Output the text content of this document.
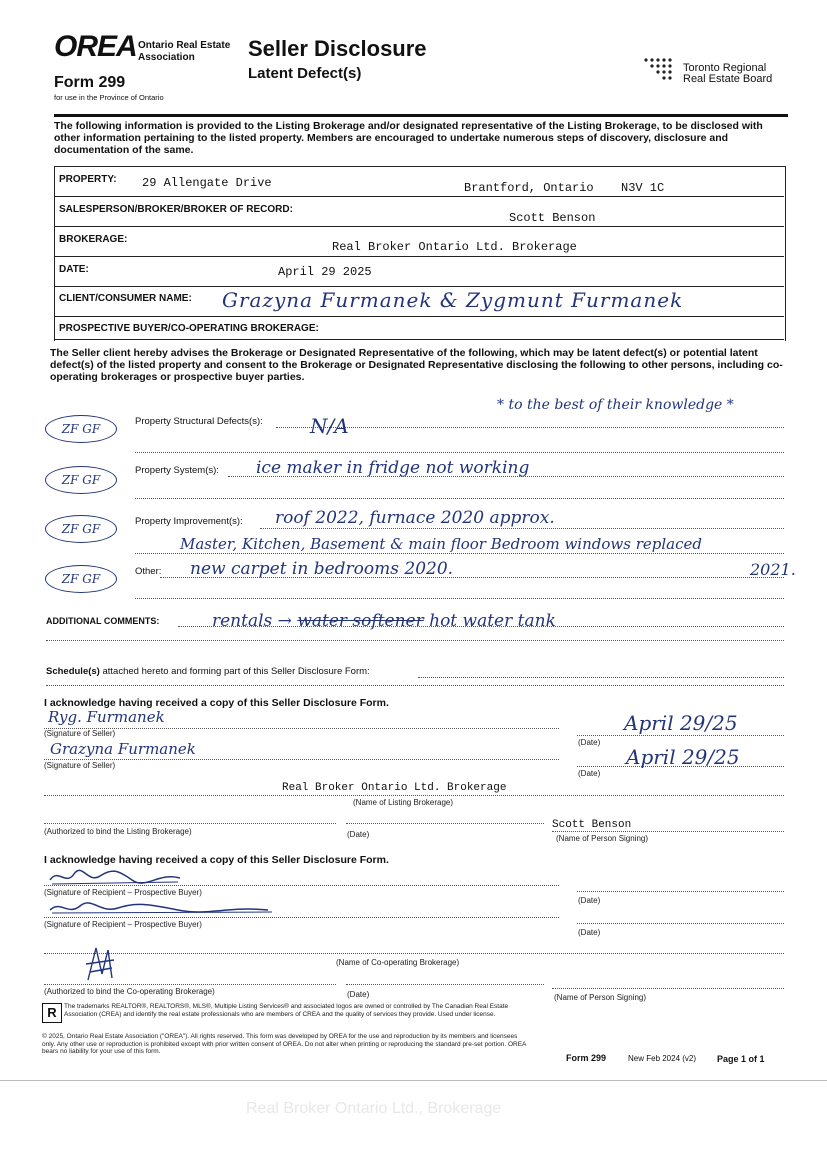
OREA Ontario Real Estate
Association
Form 299
for use in the Province of Ontario
Seller Disclosure
Latent Defect(s)	Toronto Regional
Real Estate Board
The following information is provided to the Listing Brokerage and/or designated representative of the Listing Brokerage, to be disclosed with other information pertaining to the listed property. Members are encouraged to undertake numerous steps of discovery, disclosure and documentation of the same.
PROPERTY: 29 Allengate Drive	Brantford, Ontario N3V 1C
SALESPERSON/BROKER/BROKER OF RECORD:
Scott Benson
BROKERAGE:
Real Broker Ontario Ltd. Brokerage
DATE:	April 29 2025
CLIENT/CONSUMER NAME: Grazyna Furmanek & Zygmunt Furmanek
PROSPECTIVE BUYER/CO-OPERATING BROKERAGE:
The Seller client hereby advises the Brokerage or Designated Representative of the following, which may be latent defect(s) or potential latent defect(s) of the listed property and consent to the Brokerage or Designated Representative disclosing the following to other persons, including co-operating brokerages or prospective buyer parties.
* to the best of their knowledge *
ZF GF
Property Structural Defects(s): N/A
ZF GF
Property System(s): ice maker in fridge not working
ZF GF
Property Improvement(s): roof 2022, furnace 2020 approx.
Master, Kitchen, Basement & main floor Bedroom windows replaced
ZF GF
Other: new carpet in bedrooms 2020.	2021.
ADDITIONAL COMMENTS:	rentals → water softener hot water tank
Schedule(s) attached hereto and forming part of this Seller Disclosure Form:
I acknowledge having received a copy of this Seller Disclosure Form.
Ryg. Furmanek
(Signature of Seller)	April 29/25
(Date)
Grazyna Furmanek
(Signature of Seller)	April 29/25
(Date)
Real Broker Ontario Ltd. Brokerage
(Name of Listing Brokerage)
(Authorized to bind the Listing Brokerage)	(Date)
Scott Benson
(Name of Person Signing)
I acknowledge having received a copy of this Seller Disclosure Form.
(Signature of Recipient – Prospective Buyer)
(Date)
(Signature of Recipient – Prospective Buyer)
(Date)
(Name of Co-operating Brokerage)
(Authorized to bind the Co-operating Brokerage)	(Date)	(Name of Person Signing)
R	The trademarks REALTOR®, REALTORS®, MLS®, Multiple Listing Services® and associated logos are owned or controlled by The Canadian Real Estate Association (CREA) and identify the real estate professionals who are members of CREA and the quality of services they provide. Used under license.
© 2025, Ontario Real Estate Association ("OREA"). All rights reserved. This form was developed by OREA for the use and reproduction by its members and licensees only. Any other use or reproduction is prohibited except with prior written consent of OREA. Do not alter when printing or reproducing the standard pre-set portion. OREA bears no liability for your use of this form.
Form 299	New Feb 2024 (v2) Page 1 of 1
Real Broker Ontario Ltd., Brokerage
